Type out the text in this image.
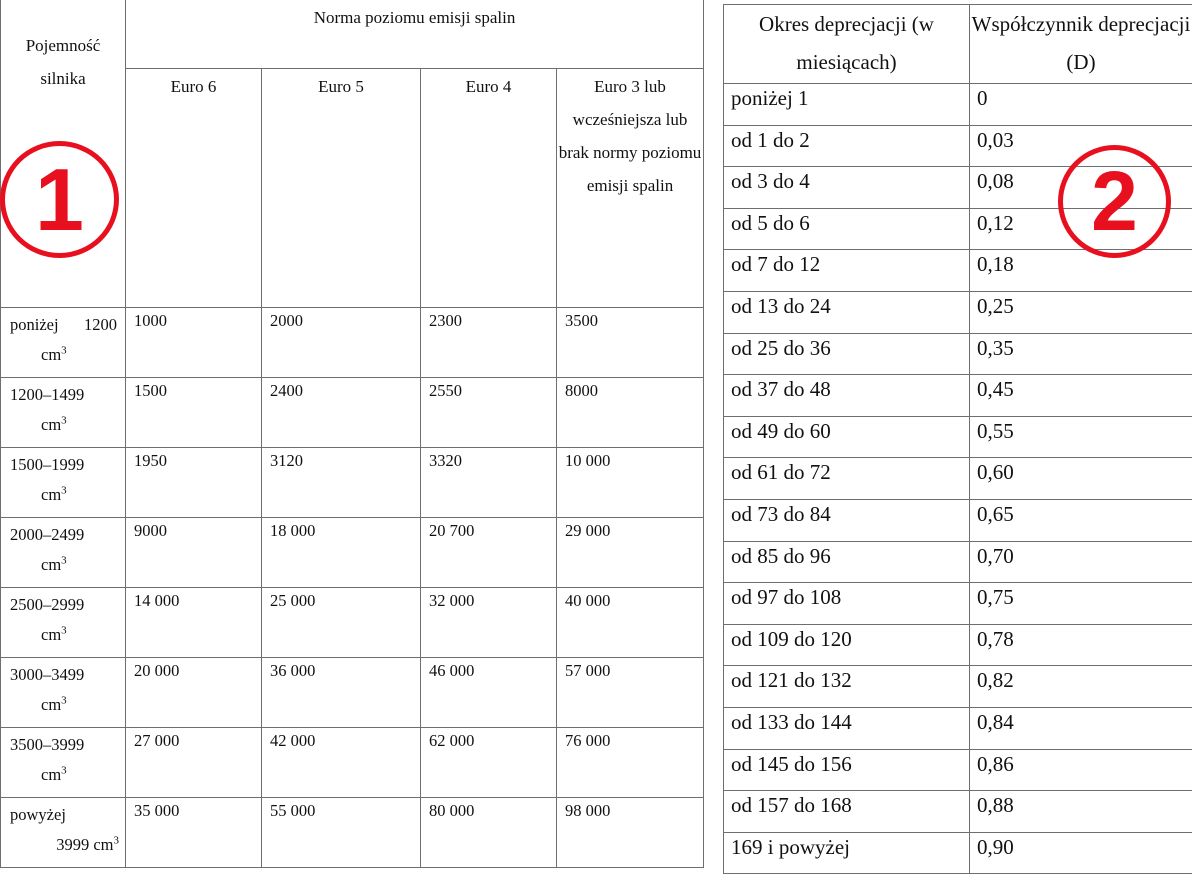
Pojemność silnika	Norma poziomu emisji spalin			
	Euro 6	Euro 5	Euro 4	Euro 3 lub wcześniejsza lub brak normy poziomu emisji spalin

poniżej 1200
$cm^3$	1000	2000	2300	3500

1200–1499
$cm^3$	1500	2400	2550	8000

1500–1999
$cm^3$	1950	3120	3320	10 000

2000–2499
$cm^3$	9000	18 000	20 700	29 000

2500–2999
$cm^3$	14 000	25 000	32 000	40 000

3000–3499
$cm^3$	20 000	36 000	46 000	57 000

3500–3999
$cm^3$	27 000	42 000	62 000	76 000

powyżej
3999 $cm^3$	35 000	55 000	80 000	98 000
Okres deprecjacji (w miesiącach)	Współczynnik deprecjacji (D)
poniżej 1	0
od 1 do 2	0,03
od 3 do 4	0,08
od 5 do 6	0,12
od 7 do 12	0,18
od 13 do 24	0,25
od 25 do 36	0,35
od 37 do 48	0,45
od 49 do 60	0,55
od 61 do 72	0,60
od 73 do 84	0,65
od 85 do 96	0,70
od 97 do 108	0,75
od 109 do 120	0,78
od 121 do 132	0,82
od 133 do 144	0,84
od 145 do 156	0,86
od 157 do 168	0,88
169 i powyżej	0,90
1	2
